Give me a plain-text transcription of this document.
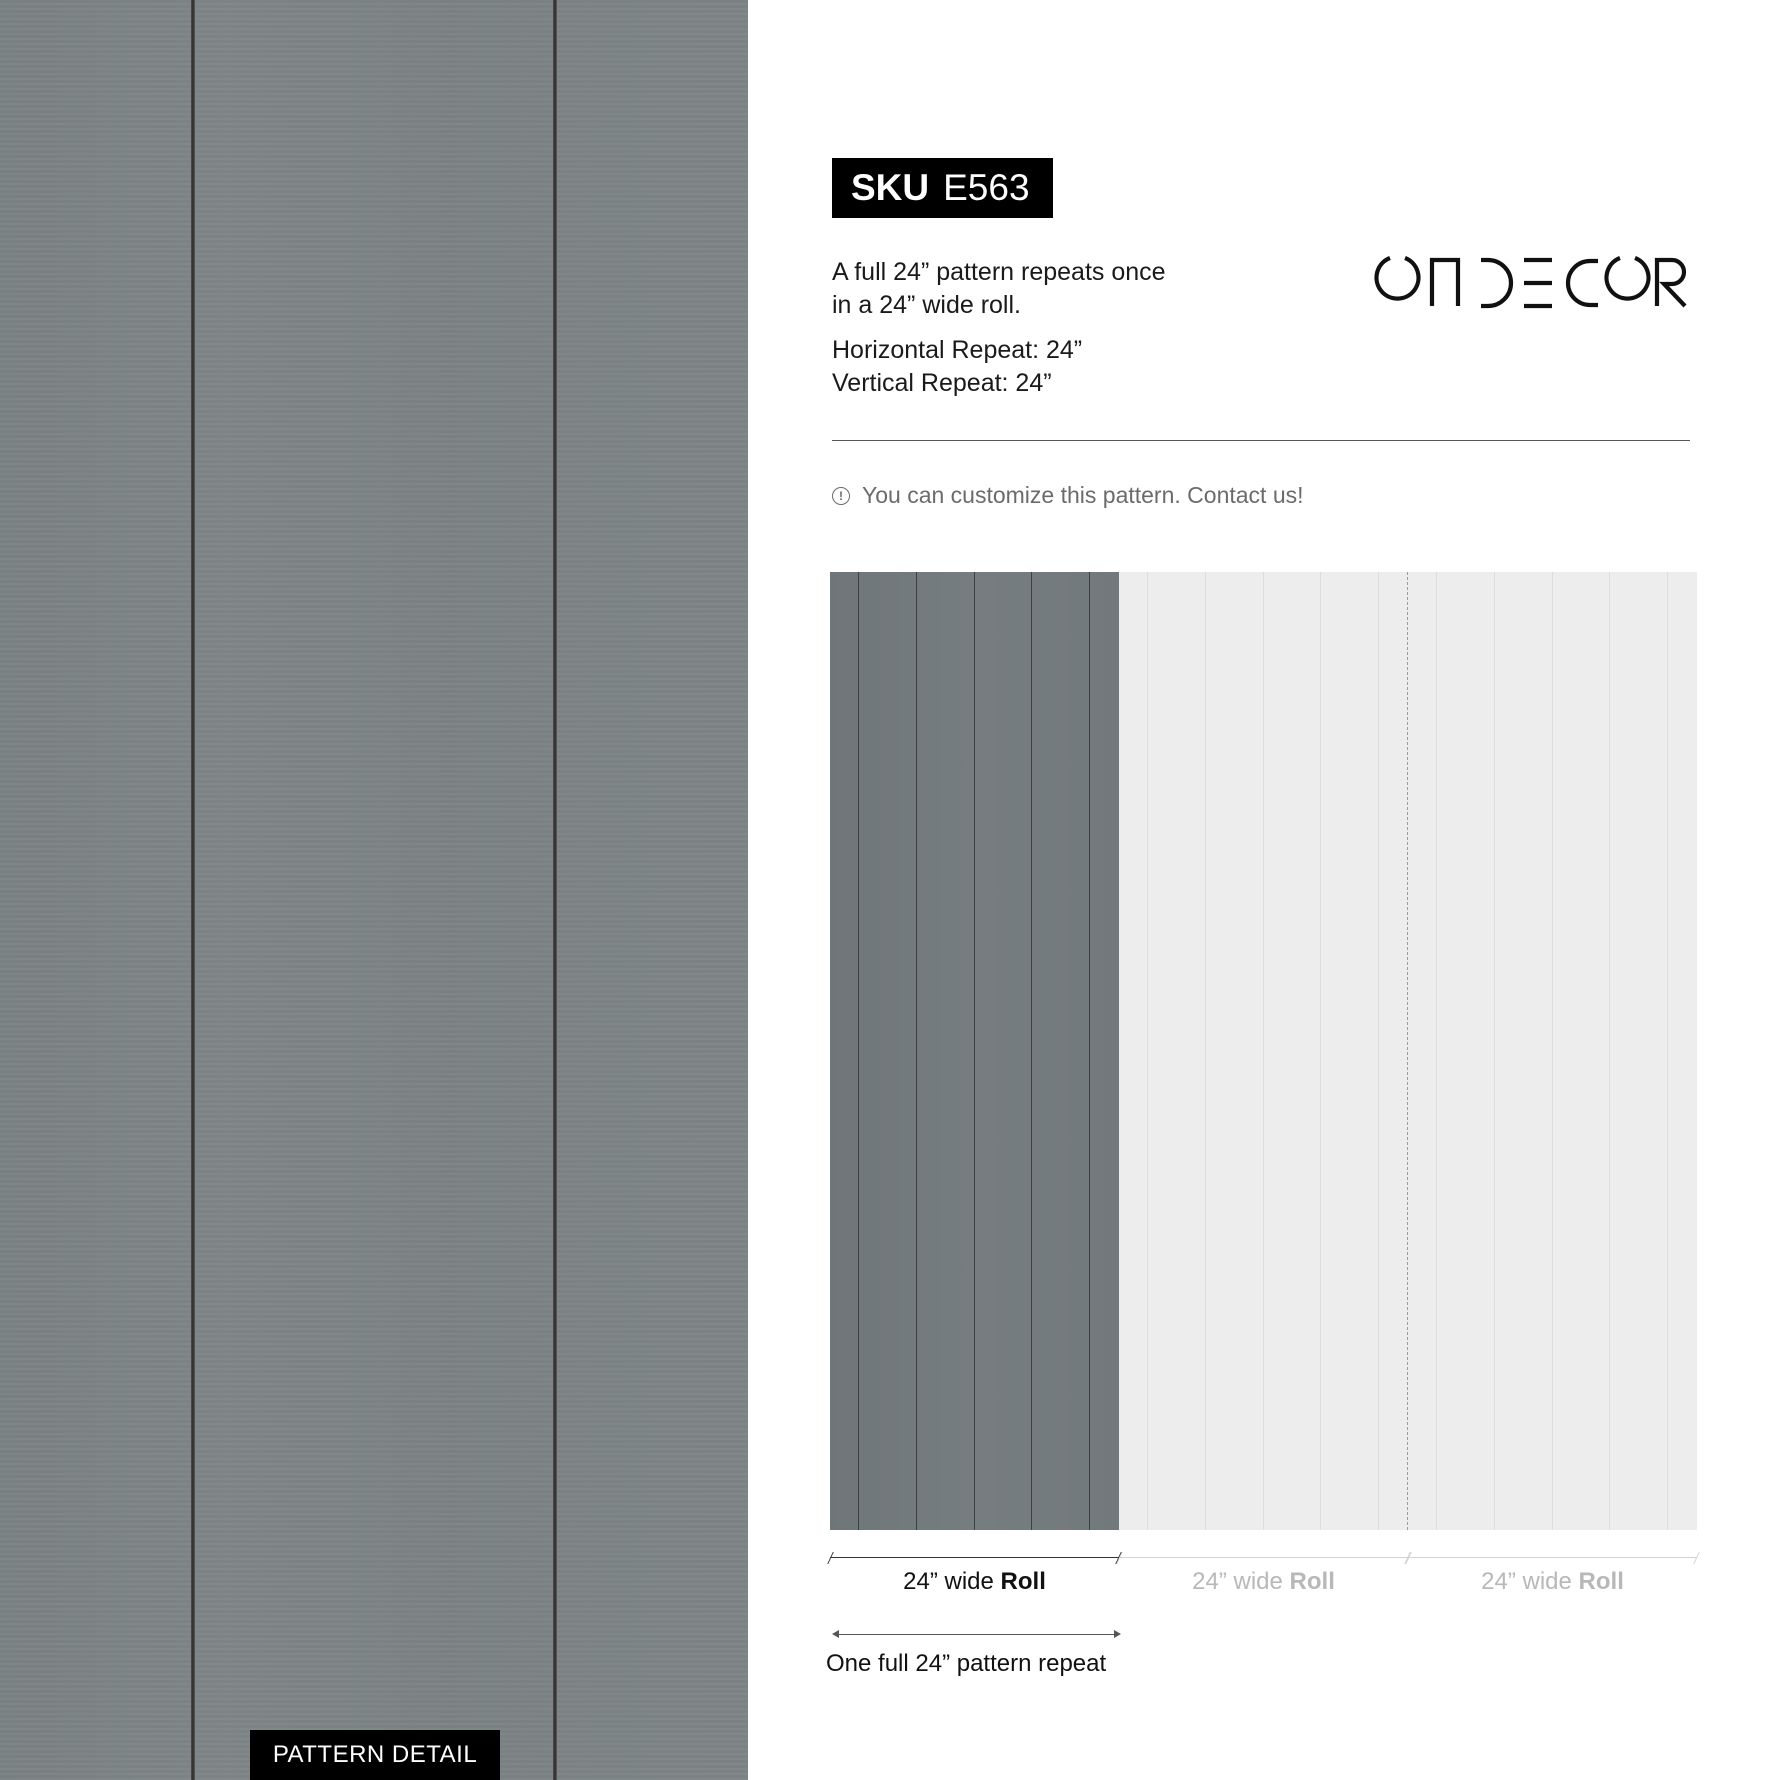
PATTERN DETAIL
SKU E563
A full 24” pattern repeats once
in a 24” wide roll.
Horizontal Repeat: 24”
Vertical Repeat: 24”
ONDECOR
! You can customize this pattern. Contact us!
24” wide Roll	24” wide Roll	24” wide Roll
One full 24” pattern repeat
